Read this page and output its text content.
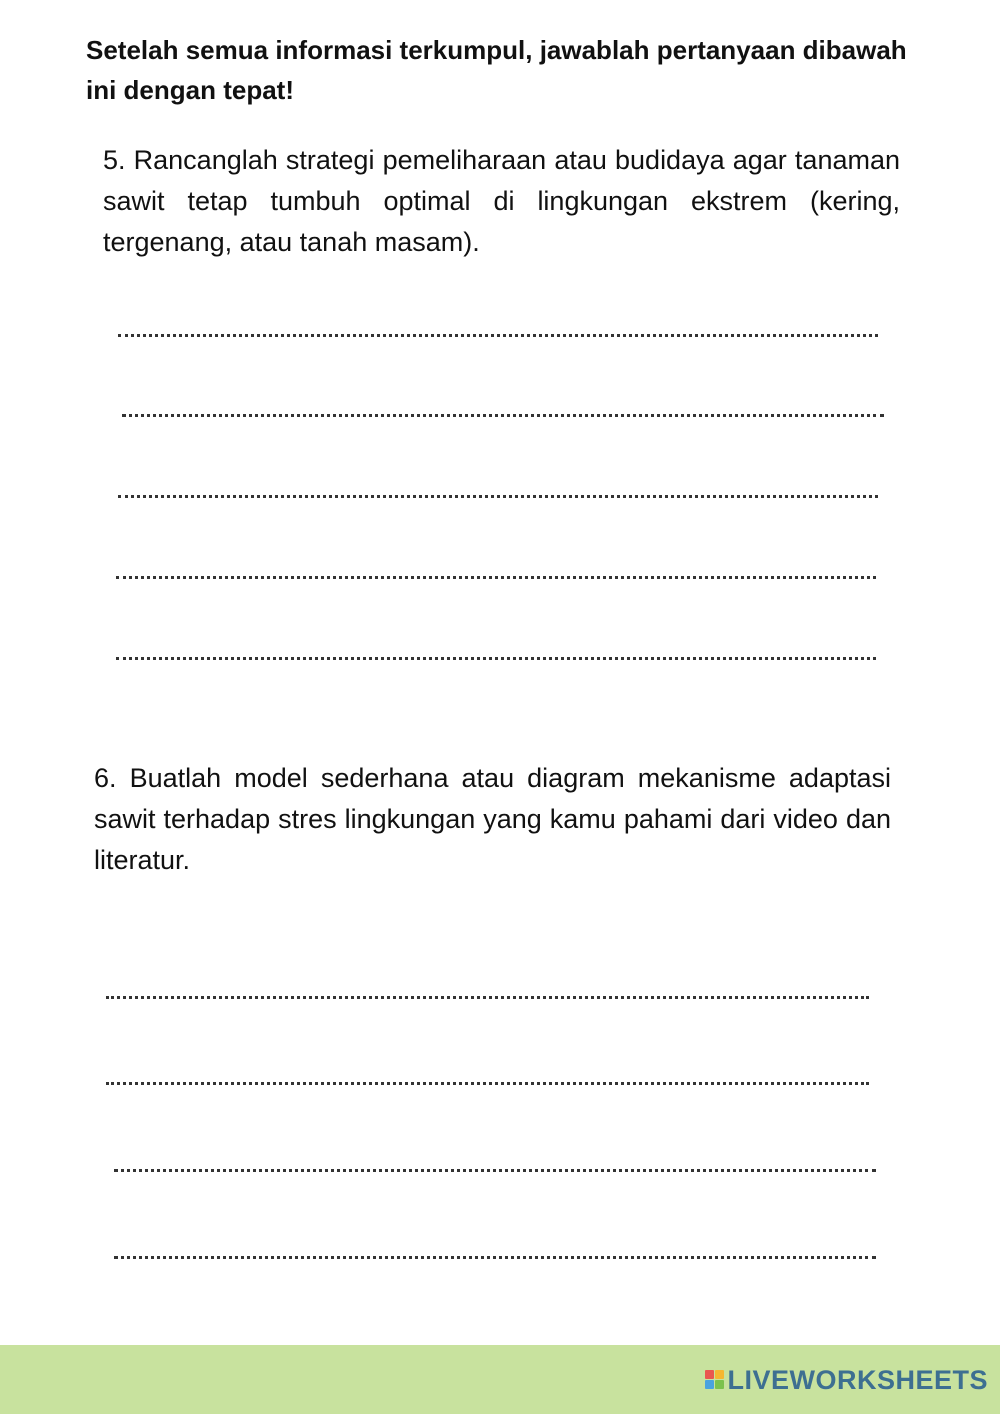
Setelah semua informasi terkumpul, jawablah pertanyaan dibawah ini dengan tepat!

5. Rancanglah strategi pemeliharaan atau budidaya agar tanaman sawit tetap tumbuh optimal di lingkungan ekstrem (kering, tergenang, atau tanah masam).

6. Buatlah model sederhana atau diagram mekanisme adaptasi sawit terhadap stres lingkungan yang kamu pahami dari video dan literatur.

LIVEWORKSHEETS
